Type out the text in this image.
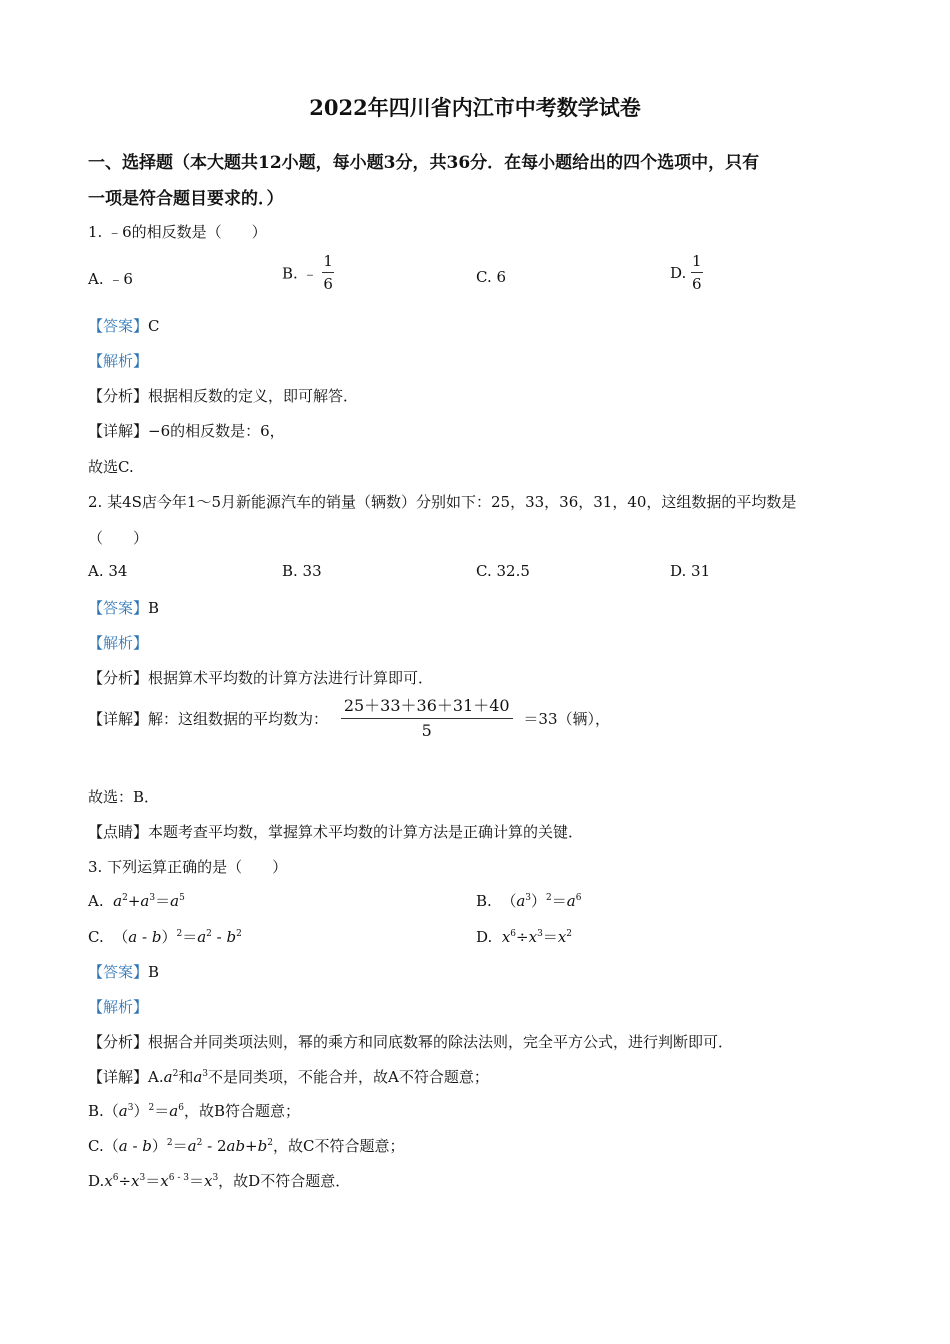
2022年四川省内江市中考数学试卷
一、选择题（本大题共12小题，每小题3分，共36分．在每小题给出的四个选项中，只有
一项是符合题目要求的．）
1. ﹣6的相反数是（　　）
A. ﹣6	B. ﹣ $\frac{1}{6}$	C. 6	D. $\frac{1}{6}$
【答案】C
【解析】
【分析】根据相反数的定义，即可解答．
【详解】−6的相反数是：6，
故选C.
2. 某4S店今年1～5月新能源汽车的销量（辆数）分别如下：25，33，36，31，40，这组数据的平均数是
（　　）
A. 34	B. 33	C. 32.5	D. 31
【答案】B
【解析】
【分析】根据算术平均数的计算方法进行计算即可．
【详解】解：这组数据的平均数为： $\frac{25+33+36+31+40}{5} =33$（辆），
故选：B．
【点睛】本题考查平均数，掌握算术平均数的计算方法是正确计算的关键．
3. 下列运算正确的是（　　）
A. $a^2+a^3=a^5$	B.  $(a^3)^2=a^6$
C.  $(a - b)^2=a^2 - b^2$	D. $x^6\div x^3=x^2$
【答案】B
【解析】
【分析】根据合并同类项法则，幂的乘方和同底数幂的除法法则，完全平方公式，进行判断即可．
【详解】$A.a^2$和$a^3$不是同类项，不能合并，故A不符合题意；
$B.(a^3)^2=a^6$，故B符合题意；
$C.(a - b)^2=a^2 - 2ab+b^2$，故C不符合题意；
$D.x^6\div x^3=x^{6 - 3}=x^3$，故D不符合题意．
